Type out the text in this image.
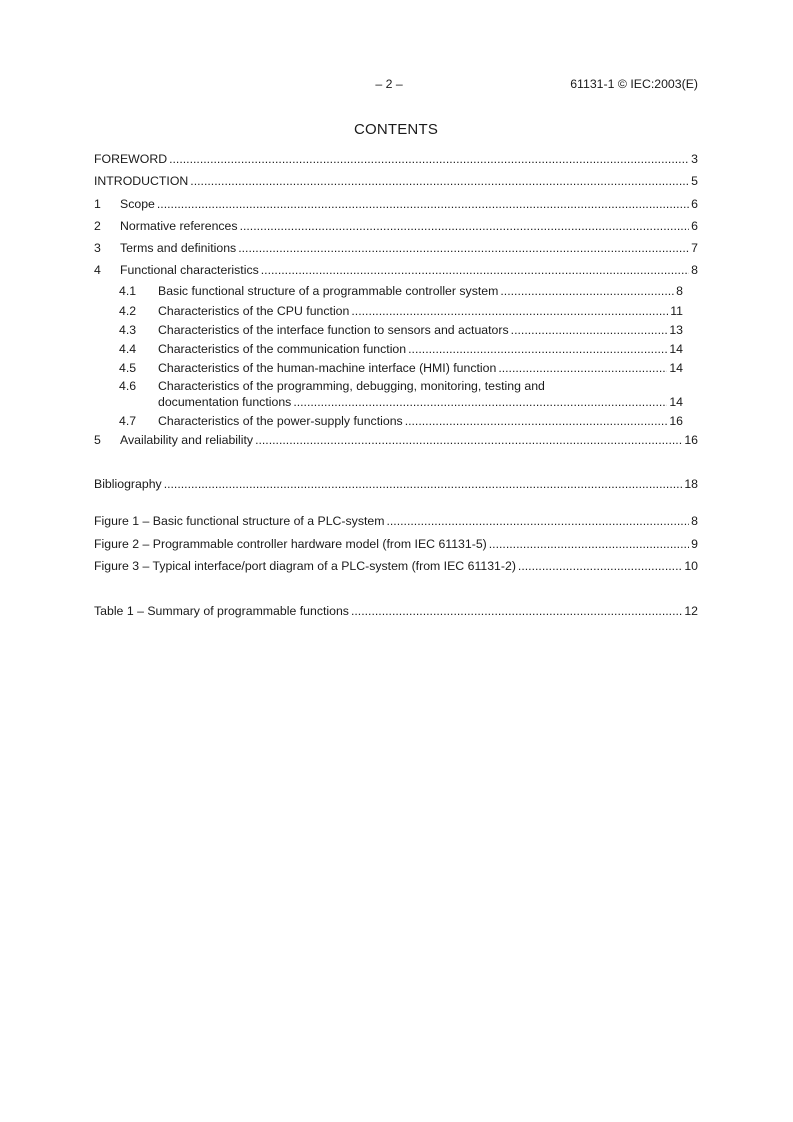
– 2 –	61131-1 © IEC:2003(E)
CONTENTS
FOREWORD .....	3
INTRODUCTION .....	5
1	Scope .....	6
2	Normative references .....	6
3	Terms and definitions .....	7
4	Functional characteristics .....	8
4.1	Basic functional structure of a programmable controller system .....	8
4.2	Characteristics of the CPU function .....	11
4.3	Characteristics of the interface function to sensors and actuators .....	13
4.4	Characteristics of the communication function .....	14
4.5	Characteristics of the human-machine interface (HMI) function .....	14
4.6 Characteristics of the programming, debugging, monitoring, testing and
documentation functions .....	14
4.7	Characteristics of the power-supply functions .....	16
5	Availability and reliability .....	16
Bibliography .....	18
Figure 1 – Basic functional structure of a PLC-system .....	8
Figure 2 – Programmable controller hardware model (from IEC 61131-5) .....	9
Figure 3 – Typical interface/port diagram of a PLC-system (from IEC 61131-2) .....	10
Table 1 – Summary of programmable functions .....	12
